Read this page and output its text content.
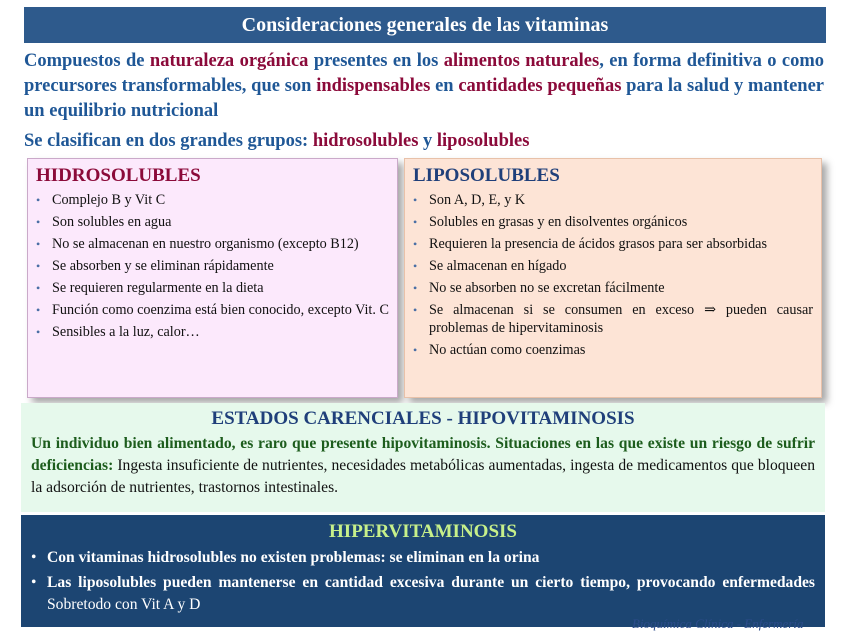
Consideraciones generales de las vitaminas
Compuestos de naturaleza orgánica presentes en los alimentos naturales, en forma definitiva o como precursores transformables, que son indispensables en cantidades pequeñas para la salud y mantener un equilibrio nutricional
Se clasifican en dos grandes grupos: hidrosolubles y liposolubles
HIDROSOLUBLES
• Complejo B y Vit C
• Son solubles en agua
• No se almacenan en nuestro organismo (excepto B12)
• Se absorben y se eliminan rápidamente
• Se requieren regularmente en la dieta
• Función como coenzima está bien conocido, excepto Vit. C
• Sensibles a la luz, calor…
LIPOSOLUBLES
• Son A, D, E, y K
• Solubles en grasas y en disolventes orgánicos
• Requieren la presencia de ácidos grasos para ser absorbidas
• Se almacenan en hígado
• No se absorben no se excretan fácilmente
• Se almacenan si se consumen en exceso ⇒ pueden causar problemas de hipervitaminosis
• No actúan como coenzimas
ESTADOS CARENCIALES - HIPOVITAMINOSIS

Un individuo bien alimentado, es raro que presente hipovitaminosis. Situaciones en las que existe un riesgo de sufrir deficiencias: Ingesta insuficiente de nutrientes, necesidades metabólicas aumentadas, ingesta de medicamentos que bloqueen la adsorción de nutrientes, trastornos intestinales.

HIPERVITAMINOSIS
• Con vitaminas hidrosolubles no existen problemas: se eliminan en la orina
• Las liposolubles pueden mantenerse en cantidad excesiva durante un cierto tiempo, provocando enfermedades Sobretodo con Vit A y D
Bioquímica Clínica - Enfermería
